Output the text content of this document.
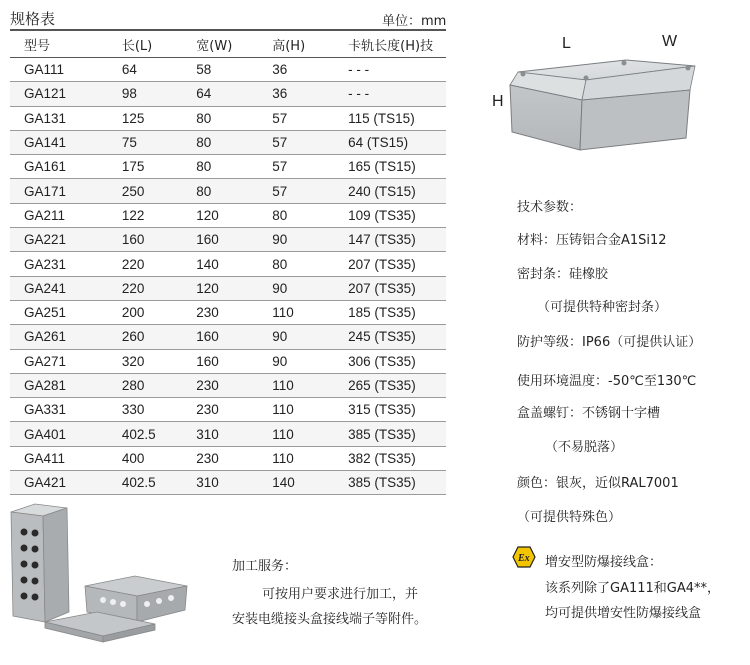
规格表	单位：mm
型号	长(L)	宽(W)	高(H)	卡轨长度(H)技
GA111	64	58	36	- - -
GA121	98	64	36	- - -
GA131	125	80	57	115 (TS15)
GA141	75	80	57	64 (TS15)
GA161	175	80	57	165 (TS15)
GA171	250	80	57	240 (TS15)
GA211	122	120	80	109 (TS35)
GA221	160	160	90	147 (TS35)
GA231	220	140	80	207 (TS35)
GA241	220	120	90	207 (TS35)
GA251	200	230	110	185 (TS35)
GA261	260	160	90	245 (TS35)
GA271	320	160	90	306 (TS35)
GA281	280	230	110	265 (TS35)
GA331	330	230	110	315 (TS35)
GA401	402.5	310	110	385 (TS35)
GA411	400	230	110	382 (TS35)
GA421	402.5	310	140	385 (TS35)
L	W
H
技术参数：
材料：压铸铝合金A1Si12
密封条：硅橡胶
（可提供特种密封条）
防护等级：IP66（可提供认证）
使用环境温度：-50℃至130℃
盒盖螺钉：不锈钢十字槽
（不易脱落）
颜色：银灰，近似RAL7001
（可提供特殊色）
加工服务：
可按用户要求进行加工，并
安装电缆接头盒接线端子等附件。
Ex 增安型防爆接线盒：
该系列除了GA111和GA4**，
均可提供增安性防爆接线盒
